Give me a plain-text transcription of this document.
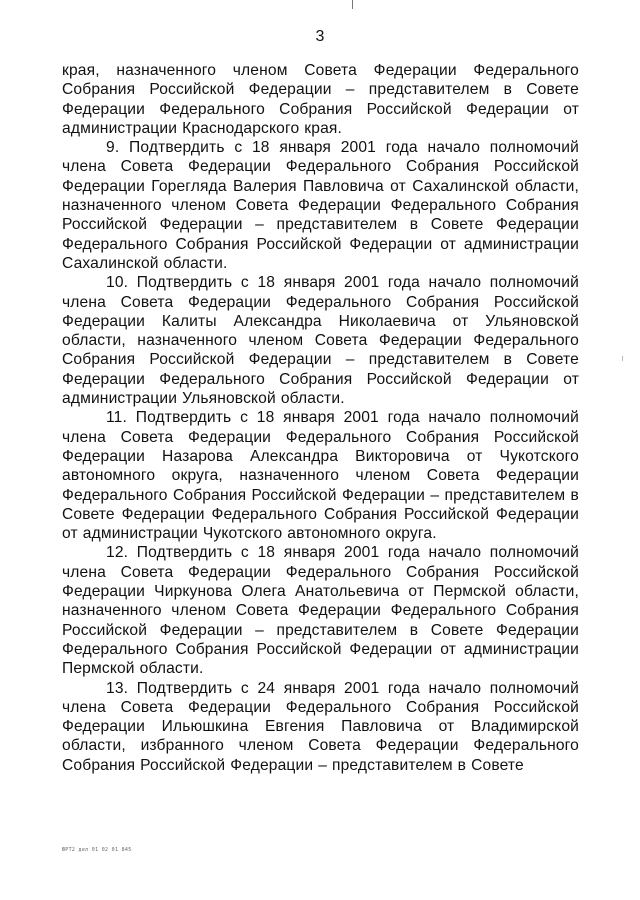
3

края, назначенного членом Совета Федерации Федерального Собрания Российской Федерации – представителем в Совете Федерации Федерального Собрания Российской Федерации от администрации Краснодарского края.

9. Подтвердить с 18 января 2001 года начало полномочий члена Совета Федерации Федерального Собрания Российской Федерации Горегляда Валерия Павловича от Сахалинской области, назначенного членом Совета Федерации Федерального Собрания Российской Федерации – представителем в Совете Федерации Федерального Собрания Российской Федерации от администрации Сахалинской области.

10. Подтвердить с 18 января 2001 года начало полномочий члена Совета Федерации Федерального Собрания Российской Федерации Калиты Александра Николаевича от Ульяновской области, назначенного членом Совета Федерации Федерального Собрания Российской Федерации – представителем в Совете Федерации Федерального Собрания Российской Федерации от администрации Ульяновской области.

11. Подтвердить с 18 января 2001 года начало полномочий члена Совета Федерации Федерального Собрания Российской Федерации Назарова Александра Викторовича от Чукотского автономного округа, назначенного членом Совета Федерации Федерального Собрания Российской Федерации – представителем в Совете Федерации Федерального Собрания Российской Федерации от администрации Чукотского автономного округа.

12. Подтвердить с 18 января 2001 года начало полномочий члена Совета Федерации Федерального Собрания Российской Федерации Чиркунова Олега Анатольевича от Пермской области, назначенного членом Совета Федерации Федерального Собрания Российской Федерации – представителем в Совете Федерации Федерального Собрания Российской Федерации от администрации Пермской области.

13. Подтвердить с 24 января 2001 года начало полномочий члена Совета Федерации Федерального Собрания Российской Федерации Ильюшкина Евгения Павловича от Владимирской области, избранного членом Совета Федерации Федерального Собрания Российской Федерации – представителем в Совете

ЮРТ2 дел 01 02 01 845
